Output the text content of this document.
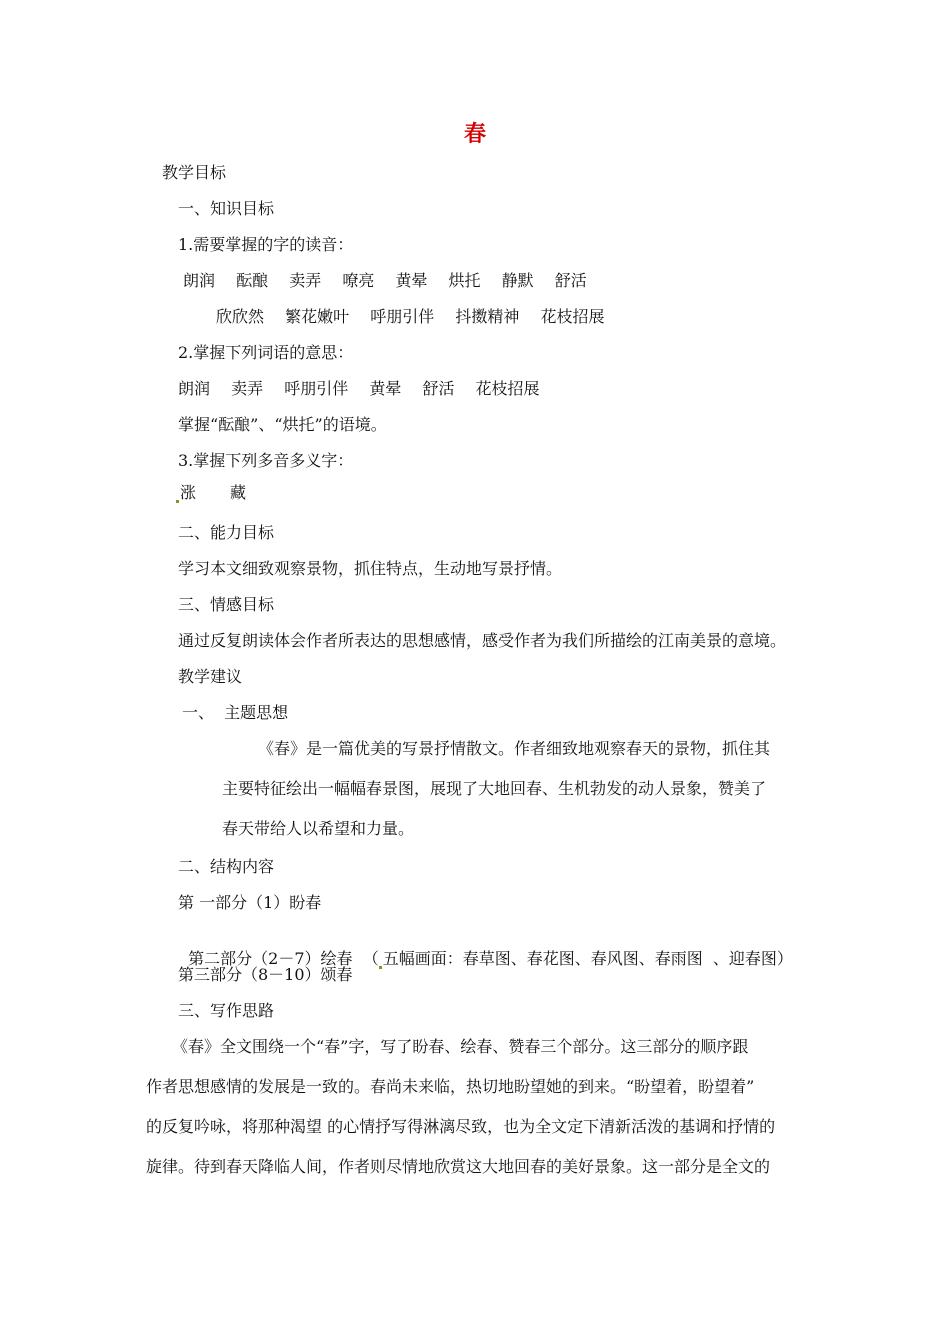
春
教学目标
一、知识目标
1.需要掌握的字的读音：
朗润 酝酿 卖弄 嘹亮 黄晕 烘托 静默 舒活
欣欣然 繁花嫩叶 呼朋引伴 抖擞精神 花枝招展
2.掌握下列词语的意思：
朗润 卖弄 呼朋引伴 黄晕 舒活 花枝招展
掌握“酝酿”、“烘托”的语境。
3.掌握下列多音多义字：
涨 藏
二、能力目标
学习本文细致观察景物，抓住特点，生动地写景抒情。
三、情感目标
通过反复朗读体会作者所表达的思想感情，感受作者为我们所描绘的江南美景的意境。
教学建议
一、  主题思想
《春》是一篇优美的写景抒情散文。作者细致地观察春天的景物，抓住其
主要特征绘出一幅幅春景图，展现了大地回春、生机勃发的动人景象，赞美了
春天带给人以希望和力量。
二、结构内容
第 一部分（1）盼春

第二部分（2－7）绘春  （ 五幅画面：春草图、春花图、春风图、春雨图  、迎春图）

第三部分（8－10）颂春
三、写作思路
《春》全文围绕一个“春”字，写了盼春、绘春、赞春三个部分。这三部分的顺序跟
作者思想感情的发展是一致的。春尚未来临，热切地盼望她的到来。“盼望着，盼望着”
的反复吟咏，将那种渴望 的心情抒写得淋漓尽致，也为全文定下清新活泼的基调和抒情的
旋律。待到春天降临人间，作者则尽情地欣赏这大地回春的美好景象。这一部分是全文的
